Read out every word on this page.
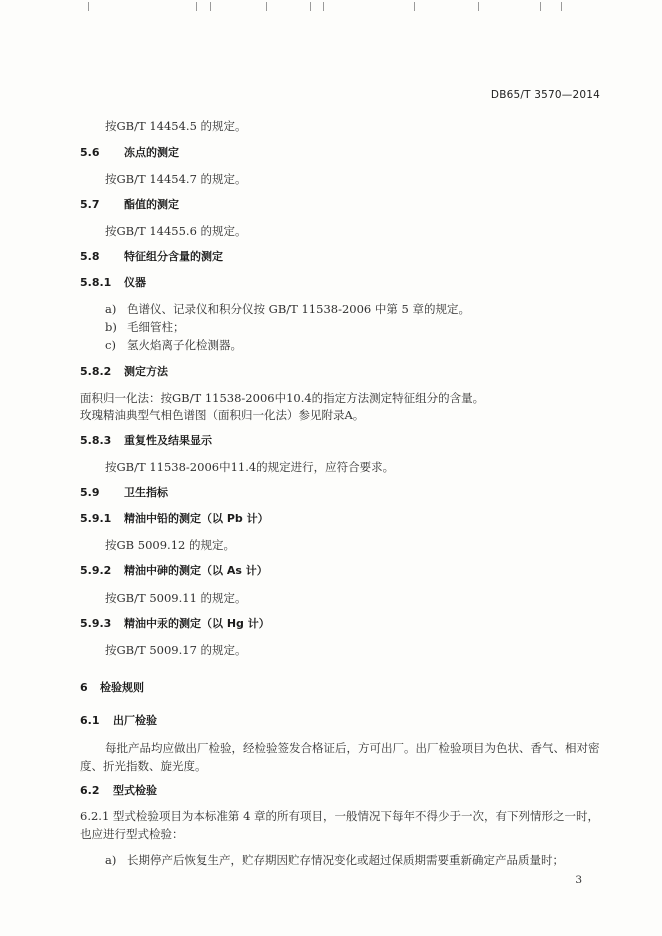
DB65/T 3570—2014
按GB/T 14454.5 的规定。
5.6 冻点的测定
按GB/T 14454.7 的规定。
5.7 酯值的测定
按GB/T 14455.6 的规定。
5.8 特征组分含量的测定
5.8.1 仪器
a) 色谱仪、记录仪和积分仪按 GB/T 11538-2006 中第 5 章的规定。
b) 毛细管柱；
c) 氢火焰离子化检测器。
5.8.2 测定方法
面积归一化法：按GB/T 11538-2006中10.4的指定方法测定特征组分的含量。
玫瑰精油典型气相色谱图（面积归一化法）参见附录A。
5.8.3 重复性及结果显示
按GB/T 11538-2006中11.4的规定进行，应符合要求。
5.9 卫生指标
5.9.1 精油中铅的测定（以 Pb 计）
按GB 5009.12 的规定。
5.9.2 精油中砷的测定（以 As 计）
按GB/T 5009.11 的规定。
5.9.3 精油中汞的测定（以 Hg 计）
按GB/T 5009.17 的规定。
6 检验规则
6.1 出厂检验
每批产品均应做出厂检验，经检验签发合格证后，方可出厂。出厂检验项目为色状、香气、相对密
度、折光指数、旋光度。
6.2 型式检验
6.2.1 型式检验项目为本标准第 4 章的所有项目，一般情况下每年不得少于一次，有下列情形之一时，
也应进行型式检验：
a) 长期停产后恢复生产，贮存期因贮存情况变化或超过保质期需要重新确定产品质量时；
3
